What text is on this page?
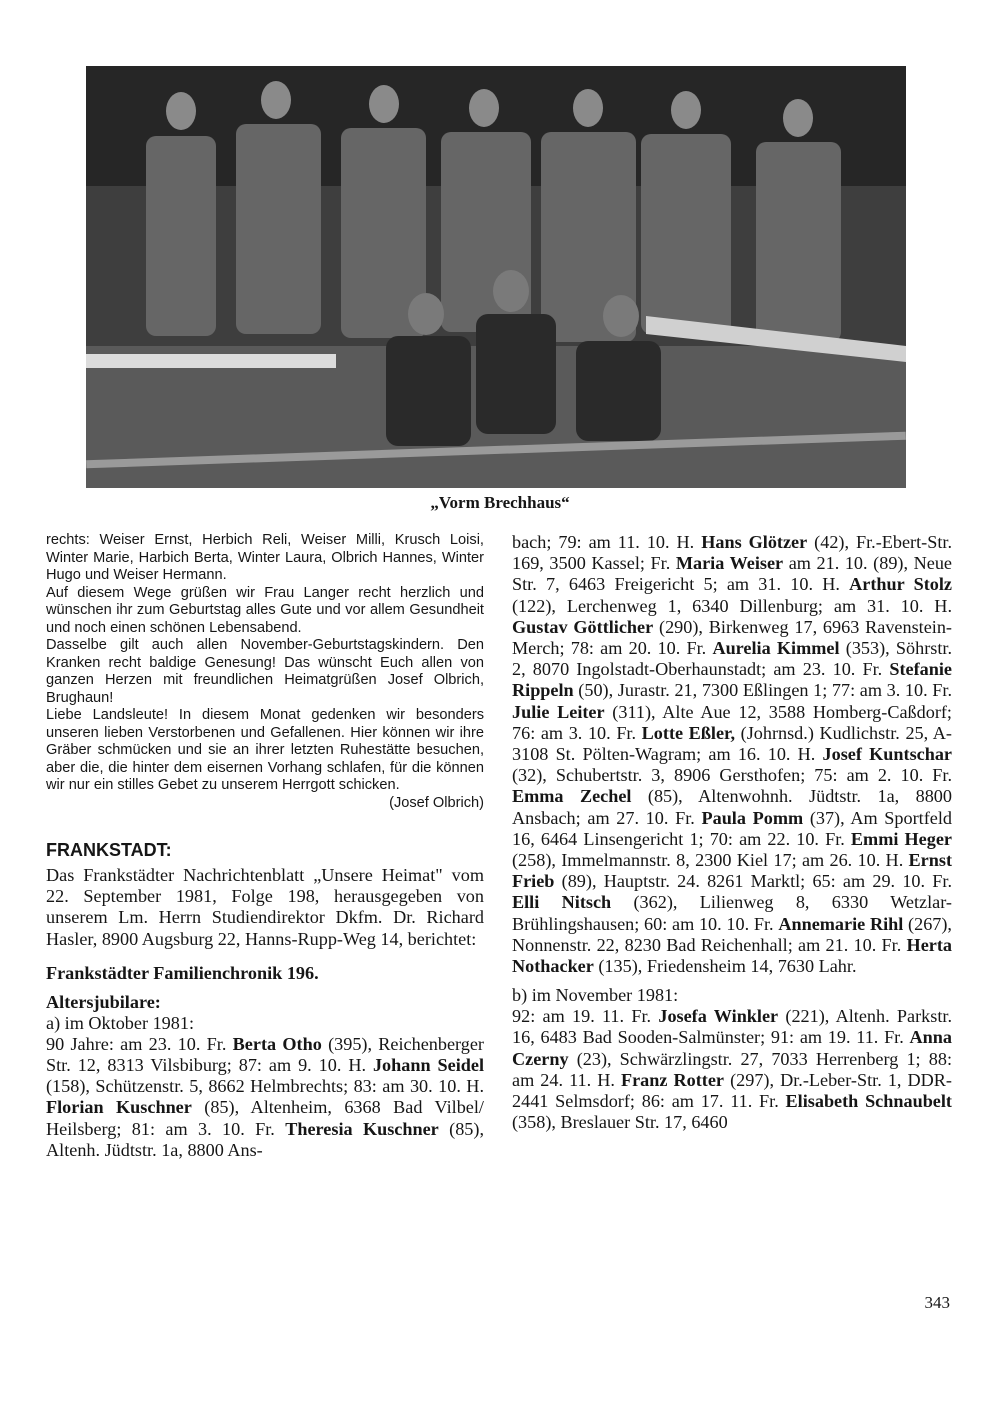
„Vorm Brechhaus“

rechts: Weiser Ernst, Herbich Reli, Weiser Milli, Krusch Loisi, Winter Marie, Harbich Berta, Winter Laura, Olbrich Hannes, Winter Hugo und Weiser Hermann.

Auf diesem Wege grüßen wir Frau Langer recht herzlich und wünschen ihr zum Geburtstag alles Gute und vor allem Gesundheit und noch einen schönen Lebensabend.

Dasselbe gilt auch allen November-Geburtstagskindern. Den Kranken recht baldige Genesung! Das wünscht Euch allen von ganzen Herzen mit freundlichen Heimatgrüßen Josef Olbrich, Brughaun!

Liebe Landsleute! In diesem Monat gedenken wir besonders unseren lieben Verstorbenen und Gefallenen. Hier können wir ihre Gräber schmücken und sie an ihrer letzten Ruhestätte besuchen, aber die, die hinter dem eisernen Vorhang schlafen, für die können wir nur ein stilles Gebet zu unserem Herrgott schicken.

(Josef Olbrich)
FRANKSTADT:

Das Frankstädter Nachrichtenblatt „Unsere Heimat" vom 22. September 1981, Folge 198, herausgegeben von unserem Lm. Herrn Studiendirektor Dkfm. Dr. Richard Hasler, 8900 Augsburg 22, Hanns-Rupp-Weg 14, berichtet:

Frankstädter Familienchronik 196.
Altersjubilare:
a) im Oktober 1981:

90 Jahre: am 23. 10. Fr. Berta Otho (395), Reichenberger Str. 12, 8313 Vilsbiburg; 87: am 9. 10. H. Johann Seidel (158), Schützenstr. 5, 8662 Helmbrechts; 83: am 30. 10. H. Florian Kuschner (85), Altenheim, 6368 Bad Vilbel/ Heilsberg; 81: am 3. 10. Fr. Theresia Kuschner (85), Altenh. Jüdtstr. 1a, 8800 Ans-

bach; 79: am 11. 10. H. Hans Glötzer (42), Fr.-Ebert-Str. 169, 3500 Kassel; Fr. Maria Weiser am 21. 10. (89), Neue Str. 7, 6463 Freigericht 5; am 31. 10. H. Arthur Stolz (122), Lerchenweg 1, 6340 Dillenburg; am 31. 10. H. Gustav Göttlicher (290), Birkenweg 17, 6963 Ravenstein-Merch; 78: am 20. 10. Fr. Aurelia Kimmel (353), Söhrstr. 2, 8070 Ingolstadt-Oberhaunstadt; am 23. 10. Fr. Stefanie Rippeln (50), Jurastr. 21, 7300 Eßlingen 1; 77: am 3. 10. Fr. Julie Leiter (311), Alte Aue 12, 3588 Homberg-Caßdorf; 76: am 3. 10. Fr. Lotte Eßler, (Johrnsd.) Kudlichstr. 25, A-3108 St. Pölten-Wagram; am 16. 10. H. Josef Kuntschar (32), Schubertstr. 3, 8906 Gersthofen; 75: am 2. 10. Fr. Emma Zechel (85), Altenwohnh. Jüdtstr. 1a, 8800 Ansbach; am 27. 10. Fr. Paula Pomm (37), Am Sportfeld 16, 6464 Linsengericht 1; 70: am 22. 10. Fr. Emmi Heger (258), Immelmannstr. 8, 2300 Kiel 17; am 26. 10. H. Ernst Frieb (89), Hauptstr. 24. 8261 Marktl; 65: am 29. 10. Fr. Elli Nitsch (362), Lilienweg 8, 6330 Wetzlar-Brühlingshausen; 60: am 10. 10. Fr. Annemarie Rihl (267), Nonnenstr. 22, 8230 Bad Reichenhall; am 21. 10. Fr. Herta Nothacker (135), Friedensheim 14, 7630 Lahr.

b) im November 1981:

92: am 19. 11. Fr. Josefa Winkler (221), Altenh. Parkstr. 16, 6483 Bad Sooden-Salmünster; 91: am 19. 11. Fr. Anna Czerny (23), Schwärzlingstr. 27, 7033 Herrenberg 1; 88: am 24. 11. H. Franz Rotter (297), Dr.-Leber-Str. 1, DDR-2441 Selmsdorf; 86: am 17. 11. Fr. Elisabeth Schnaubelt (358), Breslauer Str. 17, 6460

343
